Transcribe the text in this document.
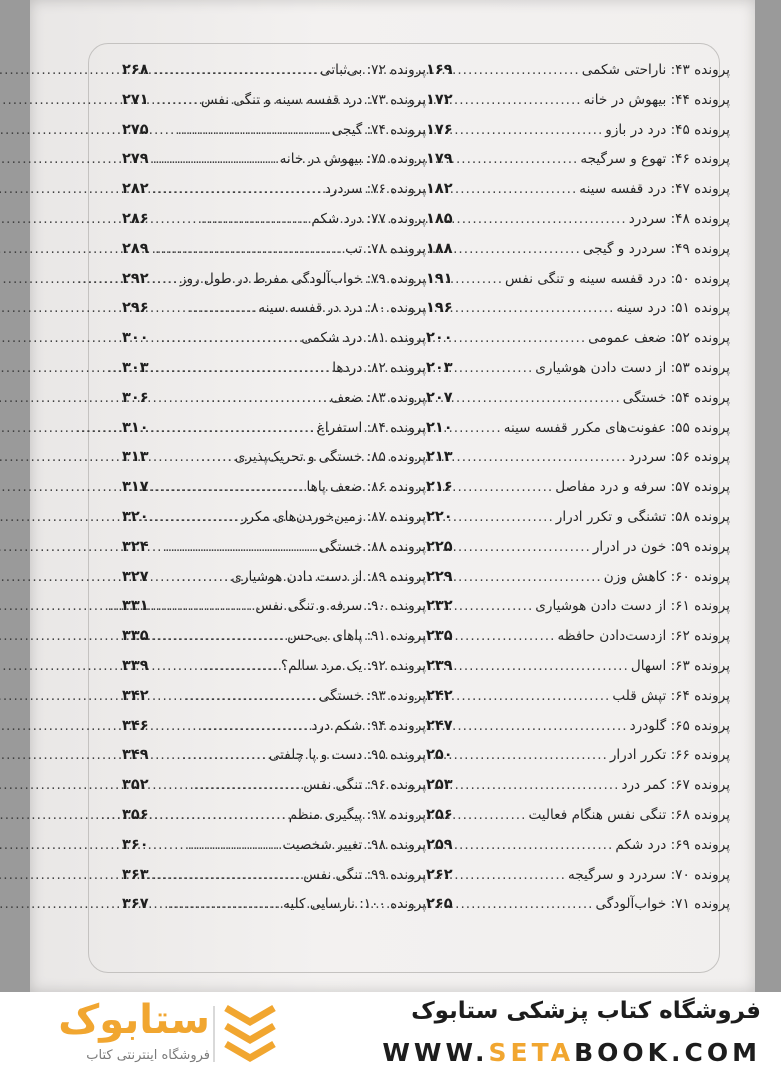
پرونده ۴۳: ناراحتی شکمی
.....
۱۶۹
پرونده ۴۴: بیهوش در خانه
.....
۱۷۲
پرونده ۴۵: درد در بازو
.....
۱۷۶
پرونده ۴۶: تهوع و سرگیجه
.....
۱۷۹
پرونده ۴۷: درد قفسه سینه
.....
۱۸۲
پرونده ۴۸: سردرد
.....
۱۸۵
پرونده ۴۹: سردرد و گیجی
.....
۱۸۸
پرونده ۵۰: درد قفسه سینه و تنگی نفس
.....
۱۹۱
پرونده ۵۱: درد سینه
.....
۱۹۶
پرونده ۵۲: ضعف عمومی
.....
۲۰۰
پرونده ۵۳: از دست دادن هوشیاری
.....
۲۰۳
پرونده ۵۴: خستگی
.....
۲۰۷
پرونده ۵۵: عفونت‌های مکرر قفسه سینه
.....
۲۱۰
پرونده ۵۶: سردرد
.....
۲۱۳
پرونده ۵۷: سرفه و درد مفاصل
.....
۲۱۶
پرونده ۵۸: تشنگی و تکرر ادرار
.....
۲۲۰
پرونده ۵۹: خون در ادرار
.....
۲۲۵
پرونده ۶۰: کاهش وزن
.....
۲۲۹
پرونده ۶۱: از دست دادن هوشیاری
.....
۲۳۲
پرونده ۶۲: ازدست‌دادن حافظه
.....
۲۳۵
پرونده ۶۳: اسهال
.....
۲۳۹
پرونده ۶۴: تپش قلب
.....
۲۴۲
پرونده ۶۵: گلودرد
.....
۲۴۷
پرونده ۶۶: تکرر ادرار
.....
۲۵۰
پرونده ۶۷: کمر درد
.....
۲۵۳
پرونده ۶۸: تنگی نفس هنگام فعالیت
.....
۲۵۶
پرونده ۶۹: درد شکم
.....
۲۵۹
پرونده ۷۰: سردرد و سرگیجه
.....
۲۶۲
پرونده ۷۱: خواب‌آلودگی
.....
۲۶۵
پرونده ۷۲: بی‌ثباتی
.....
۲۶۸
پرونده ۷۳: درد قفسه سینه و تنگی نفس
.....
۲۷۱
پرونده ۷۴: گیجی
.....
۲۷۵
پرونده ۷۵: بیهوش در خانه
.....
۲۷۹
پرونده ۷۶: سردرد
.....
۲۸۲
پرونده ۷۷: درد شکم
.....
۲۸۶
پرونده ۷۸: تب
.....
۲۸۹
پرونده ۷۹: خواب‌آلودگی مفرط در طول روز
.....
۲۹۲
پرونده ۸۰: درد در قفسه سینه
.....
۲۹۶
پرونده ۸۱: درد شکمی
.....
۳۰۰
پرونده ۸۲: دردها
.....
۳۰۳
پرونده ۸۳: ضعف
.....
۳۰۶
پرونده ۸۴: استفراغ
.....
۳۱۰
پرونده ۸۵: خستگی و تحریک‌پذیری
.....
۳۱۳
پرونده ۸۶: ضعف پاها
.....
۳۱۷
پرونده ۸۷: زمین‌خوردن‌های مکرر
.....
۳۲۰
پرونده ۸۸: خستگی
.....
۳۲۴
پرونده ۸۹: از دست دادن هوشیاری
.....
۳۲۷
پرونده ۹۰: سرفه و تنگی نفس
.....
۳۳۱
پرونده ۹۱: پاهای بی‌حس
.....
۳۳۵
پرونده ۹۲: یک مرد سالم؟
.....
۳۳۹
پرونده ۹۳: خستگی
.....
۳۴۲
پرونده ۹۴: شکم درد
.....
۳۴۶
پرونده ۹۵: دست و پا چلفتی
.....
۳۴۹
پرونده ۹۶: تنگی نفس
.....
۳۵۲
پرونده ۹۷: پیگیری منظم
.....
۳۵۶
پرونده ۹۸: تغییر شخصیت
.....
۳۶۰
پرونده ۹۹: تنگی نفس
.....
۳۶۳
پرونده ۱۰۰: نارسایی کلیه
.....
۳۶۷
ستابوک
فروشگاه اینترنتی کتاب
فروشگاه کتاب پزشکی ستابوک
WWW.SETABOOK.COM
